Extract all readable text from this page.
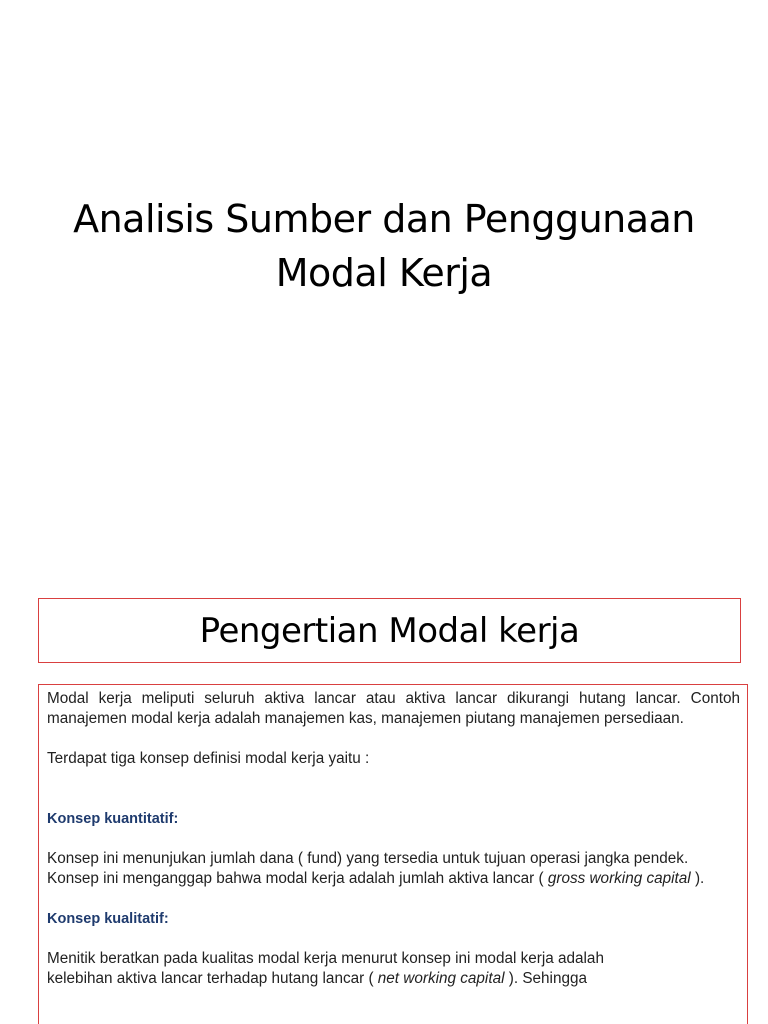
Analisis Sumber dan Penggunaan
Modal Kerja
Pengertian Modal kerja

Modal kerja meliputi seluruh aktiva lancar atau aktiva lancar dikurangi hutang lancar. Contoh manajemen modal kerja adalah manajemen kas, manajemen piutang manajemen persediaan.

Terdapat tiga konsep definisi modal kerja yaitu :

Konsep kuantitatif:

Konsep ini menunjukan jumlah dana ( fund) yang tersedia untuk tujuan operasi jangka pendek. Konsep ini menganggap bahwa modal kerja adalah jumlah aktiva lancar ( gross working capital ).

Konsep kualitatif:

Menitik beratkan pada kualitas modal kerja menurut konsep ini modal kerja adalah
kelebihan aktiva lancar terhadap hutang lancar ( net working capital ). Sehingga
